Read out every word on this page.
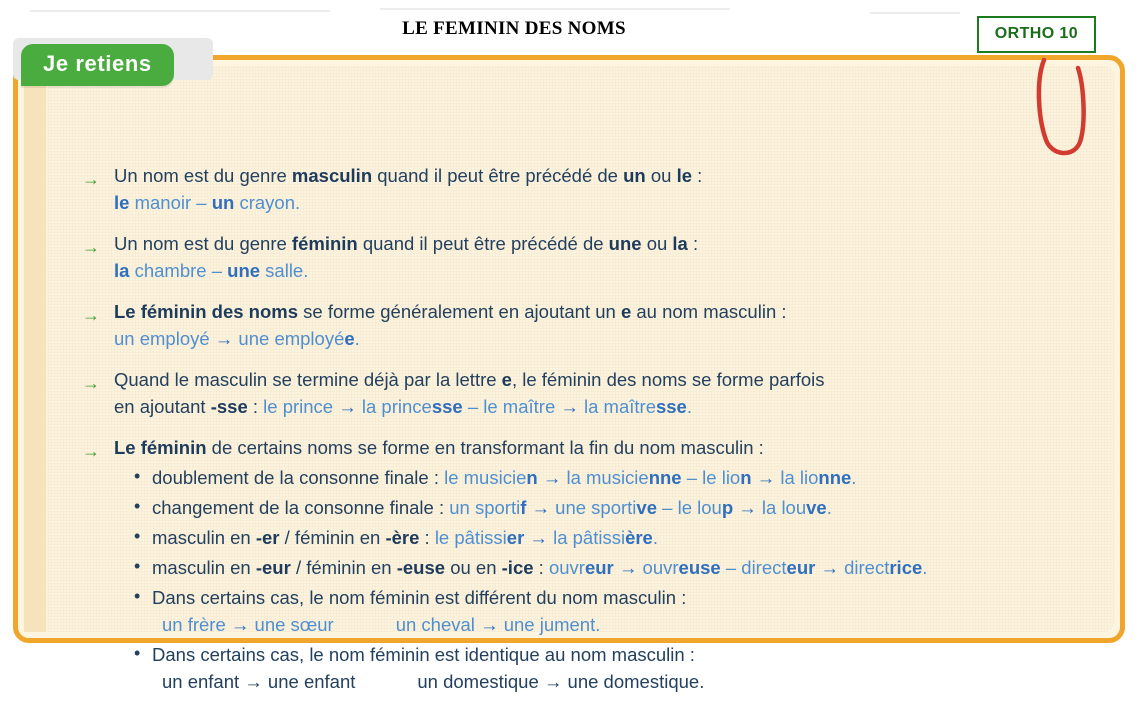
LE FEMININ DES NOMS	ORTHO 10
→ Un nom est du genre masculin quand il peut être précédé de un ou le :
le manoir – un crayon.
→ Un nom est du genre féminin quand il peut être précédé de une ou la :
la chambre – une salle.
→ Le féminin des noms se forme généralement en ajoutant un e au nom masculin :
un employé → une employée.
→ Quand le masculin se termine déjà par la lettre e, le féminin des noms se forme parfois
en ajoutant -sse : le prince → la princesse – le maître → la maîtresse.
→ Le féminin de certains noms se forme en transformant la fin du nom masculin :
• doublement de la consonne finale : le musicien → la musicienne – le lion → la lionne.
• changement de la consonne finale : un sportif → une sportive – le loup → la louve.
• masculin en -er / féminin en -ère : le pâtissier → la pâtissière.
• masculin en -eur / féminin en -euse ou en -ice : ouvreur → ouvreuse – directeur → directrice.
• Dans certains cas, le nom féminin est différent du nom masculin :
un frère → une sœur	un cheval → une jument.
• Dans certains cas, le nom féminin est identique au nom masculin :
un enfant → une enfant	un domestique → une domestique.
Je retiens
